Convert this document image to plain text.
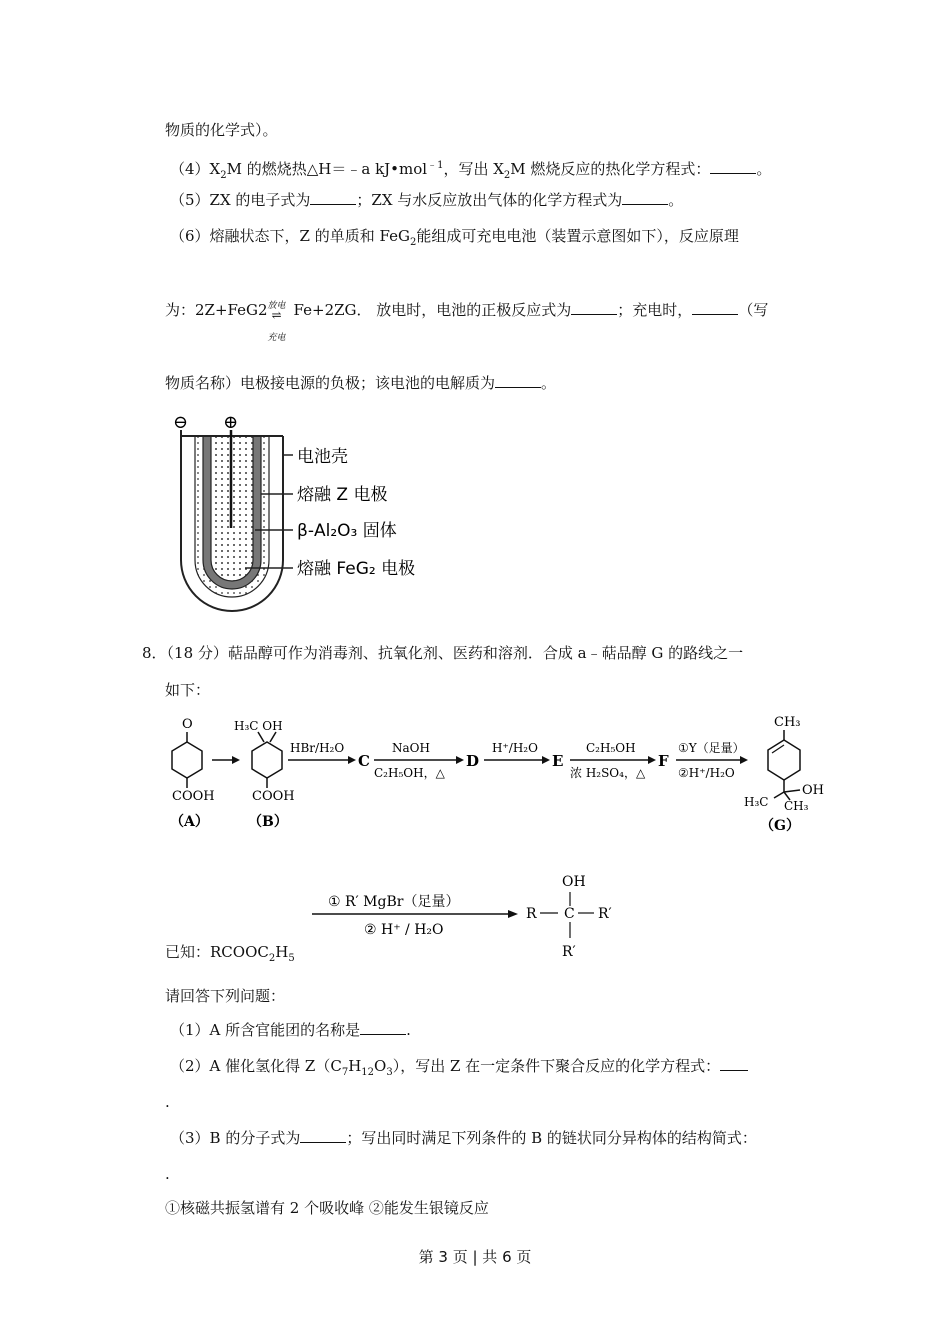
物质的化学式）。
$(4)X_2M$ 的燃烧热△H＝﹣a kJ•mol$^{﹣1}$，写出 $X_2M$ 燃烧反应的热化学方程式：	。
（5）ZX 的电子式为	；ZX 与水反应放出气体的化学方程式为	。
（6）熔融状态下，Z 的单质和 FeG$_2$能组成可充电电池（装置示意图如下），反应原理
为：2Z+FeG2 放电
⇌
充电
Fe+2ZG． 放电时，电池的正极反应式为	；充电时，	（写
物质名称）电极接电源的负极；该电池的电解质为	。
⊖ ⊕
电池壳
熔融 Z 电极
β-Al₂O₃ 固体
熔融 FeG₂ 电极
8．（18 分）萜品醇可作为消毒剂、抗氧化剂、医药和溶剂．合成 a﹣萜品醇 G 的路线之一
如下：
O
COOH
（A）
H₃C OH
COOH
（B）
HBr/H₂O
C
NaOH
C₂H₅OH，△
D
H⁺/H₂O
E
C₂H₅OH
浓 H₂SO₄，△
F
①Y（足量）
②H⁺/H₂O
CH₃
OH
H₃C CH₃
（G）
① R′ MgBr（足量）
② H⁺ / H₂O
OH
R C R′
R′
已知：$RCOOC_2H_5$
请回答下列问题：
（1）A 所含官能团的名称是	.
（2）A 催化氢化得 $Z(C_7H_{12}O_3)$，写出 Z 在一定条件下聚合反应的化学方程式：
.
（3）B 的分子式为	；写出同时满足下列条件的 B 的链状同分异构体的结构简式：
.
①核磁共振氢谱有 2 个吸收峰 ②能发生银镜反应
第 3 页 | 共 6 页
